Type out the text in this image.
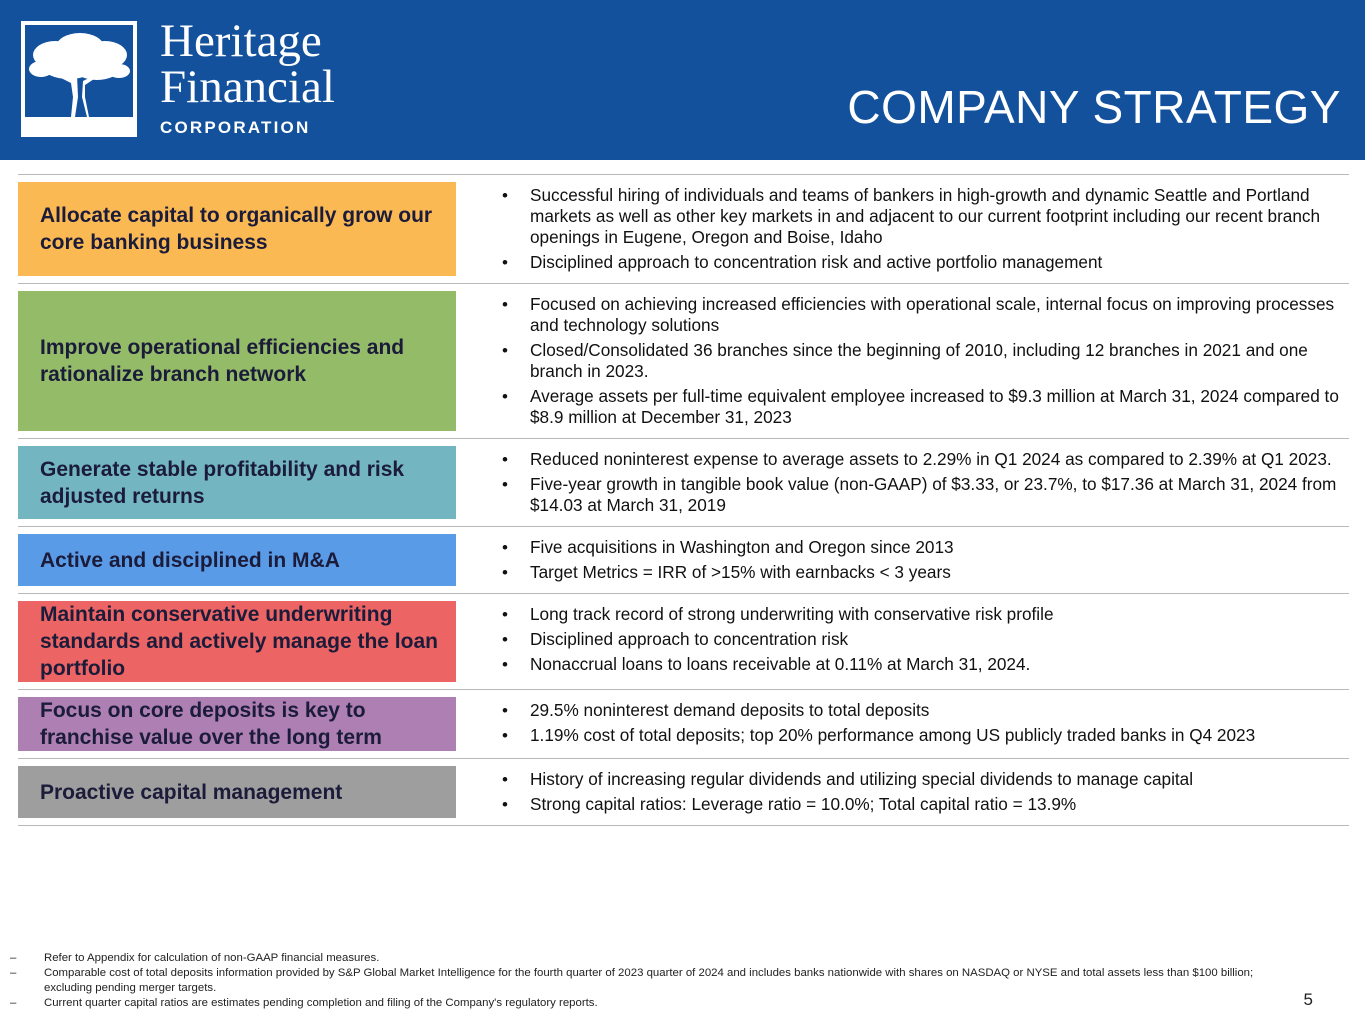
Heritage
Financial
CORPORATION	COMPANY STRATEGY
Allocate capital to organically grow our core banking business
• Successful hiring of individuals and teams of bankers in high-growth and dynamic Seattle and Portland markets as well as other key markets in and adjacent to our current footprint including our recent branch openings in Eugene, Oregon and Boise, Idaho
• Disciplined approach to concentration risk and active portfolio management
Improve operational efficiencies and rationalize branch network
• Focused on achieving increased efficiencies with operational scale, internal focus on improving processes and technology solutions
• Closed/Consolidated 36 branches since the beginning of 2010, including 12 branches in 2021 and one branch in 2023.
• Average assets per full-time equivalent employee increased to $9.3 million at March 31, 2024 compared to $8.9 million at December 31, 2023
Generate stable profitability and risk adjusted returns
• Reduced noninterest expense to average assets to 2.29% in Q1 2024 as compared to 2.39% at Q1 2023.
• Five-year growth in tangible book value (non-GAAP) of $3.33, or 23.7%, to $17.36 at March 31, 2024 from $14.03 at March 31, 2019
Active and disciplined in M&A
• Five acquisitions in Washington and Oregon since 2013
• Target Metrics = IRR of >15% with earnbacks < 3 years
Maintain conservative underwriting standards and actively manage the loan portfolio
• Long track record of strong underwriting with conservative risk profile
• Disciplined approach to concentration risk
• Nonaccrual loans to loans receivable at 0.11% at March 31, 2024.
Focus on core deposits is key to franchise value over the long term
• 29.5% noninterest demand deposits to total deposits
• 1.19% cost of total deposits; top 20% performance among US publicly traded banks in Q4 2023
Proactive capital management
• History of increasing regular dividends and utilizing special dividends to manage capital
• Strong capital ratios: Leverage ratio = 10.0%; Total capital ratio = 13.9%
–	Refer to Appendix for calculation of non-GAAP financial measures.
–	Comparable cost of total deposits information provided by S&P Global Market Intelligence for the fourth quarter of 2023 quarter of 2024 and includes banks nationwide with shares on NASDAQ or NYSE and total assets less than $100 billion; excluding pending merger targets.
–	Current quarter capital ratios are estimates pending completion and filing of the Company's regulatory reports.	5
